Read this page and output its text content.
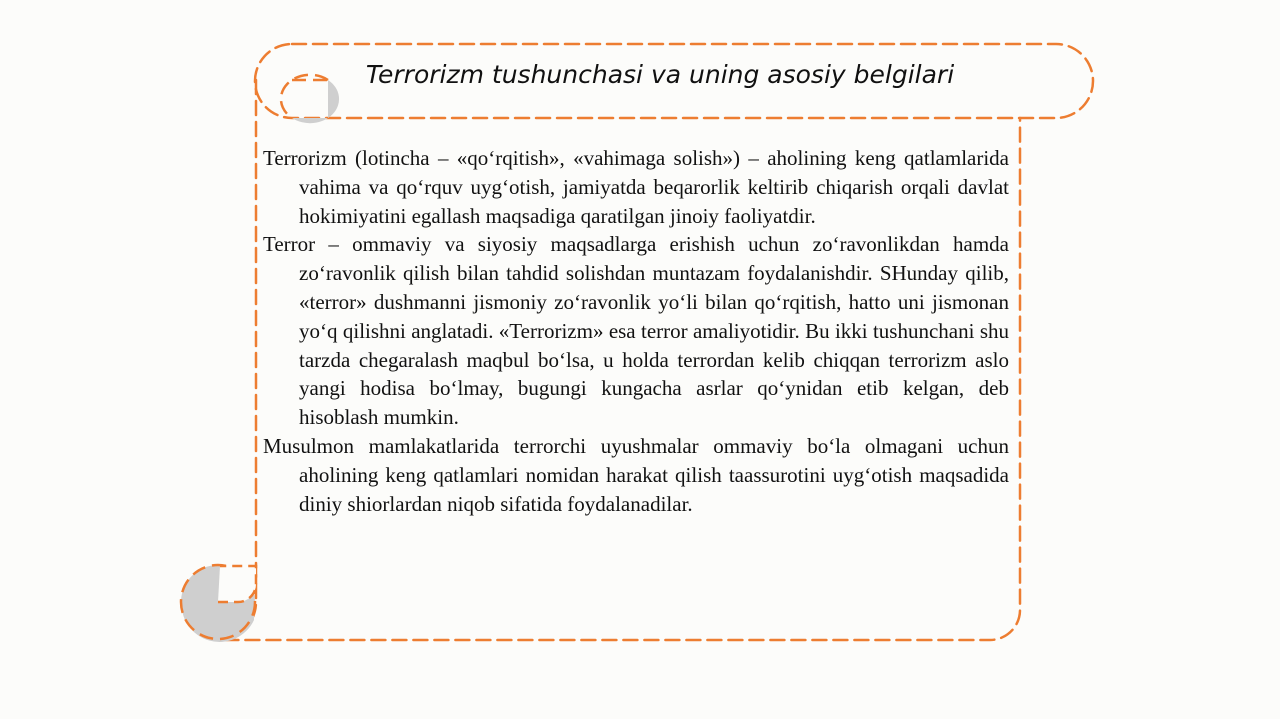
Terrorizm tushunchasi va uning asosiy belgilari

Terrorizm (lotincha – «qo‘rqitish», «vahimaga solish») – aholining keng qatlamlarida vahima va qo‘rquv uyg‘otish, jamiyatda beqarorlik keltirib chiqarish orqali davlat hokimiyatini egallash maqsadiga qaratilgan jinoiy faoliyatdir.

Terror – ommaviy va siyosiy maqsadlarga erishish uchun zo‘ravonlikdan hamda zo‘ravonlik qilish bilan tahdid solishdan muntazam foydalanishdir. SHunday qilib, «terror» dushmanni jismoniy zo‘ravonlik yo‘li bilan qo‘rqitish, hatto uni jismonan yo‘q qilishni anglatadi. «Terrorizm» esa terror amaliyotidir. Bu ikki tushunchani shu tarzda chegaralash maqbul bo‘lsa, u holda terrordan kelib chiqqan terrorizm aslo yangi hodisa bo‘lmay, bugungi kungacha asrlar qo‘ynidan etib kelgan, deb hisoblash mumkin.

Musulmon mamlakatlarida terrorchi uyushmalar ommaviy bo‘la olmagani uchun aholining keng qatlamlari nomidan harakat qilish taassurotini uyg‘otish maqsadida diniy shiorlardan niqob sifatida foydalanadilar.
